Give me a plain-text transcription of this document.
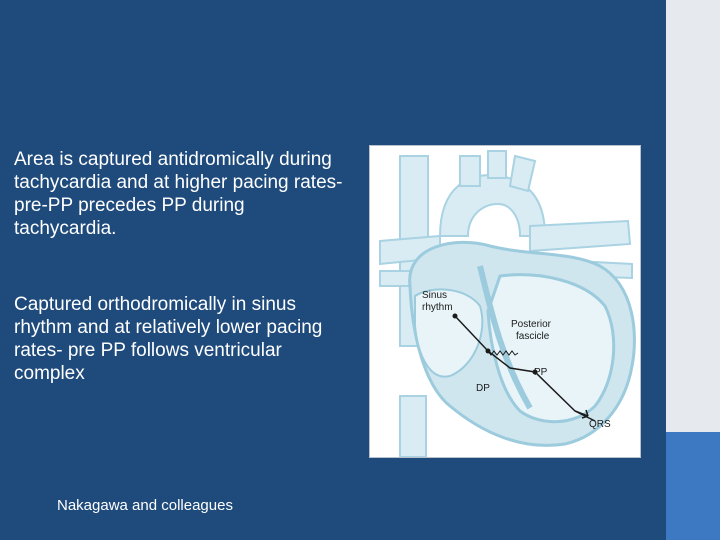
Area is captured antidromically during tachycardia and at higher pacing rates-pre-PP precedes PP during tachycardia.
Captured orthodromically in sinus rhythm and at relatively lower pacing rates- pre PP follows ventricular complex
Sinus
rhythm
Posterior
fascicle
PP
DP
QRS
Nakagawa and colleagues
